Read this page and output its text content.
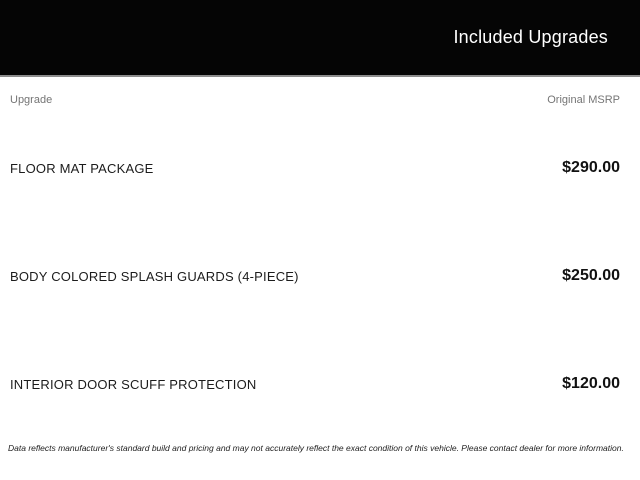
Included Upgrades
Upgrade	Original MSRP
FLOOR MAT PACKAGE	$290.00
BODY COLORED SPLASH GUARDS (4-PIECE)	$250.00
INTERIOR DOOR SCUFF PROTECTION	$120.00
Data reflects manufacturer's standard build and pricing and may not accurately reflect the exact condition of this vehicle. Please contact dealer for more information.
